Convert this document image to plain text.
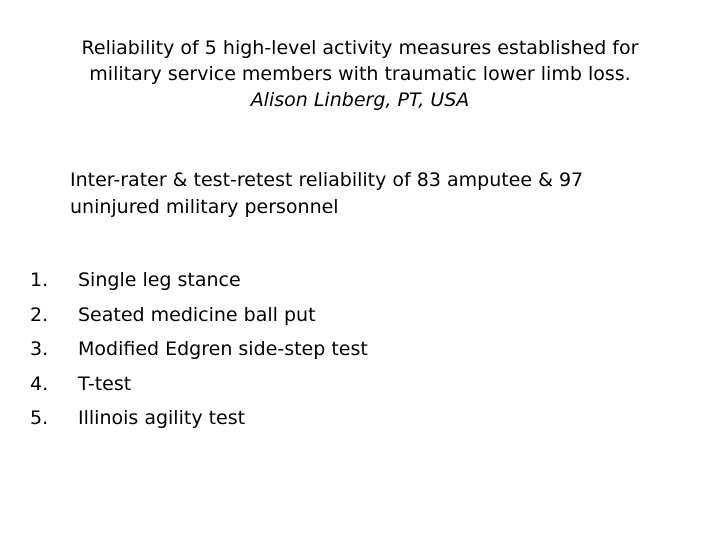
Reliability of 5 high-level activity measures established for
military service members with traumatic lower limb loss.
Alison Linberg, PT, USA
Inter-rater & test-retest reliability of 83 amputee & 97
uninjured military personnel
1.	Single leg stance
2.	Seated medicine ball put
3.	Modified Edgren side-step test
4.	T-test
5.	Illinois agility test
